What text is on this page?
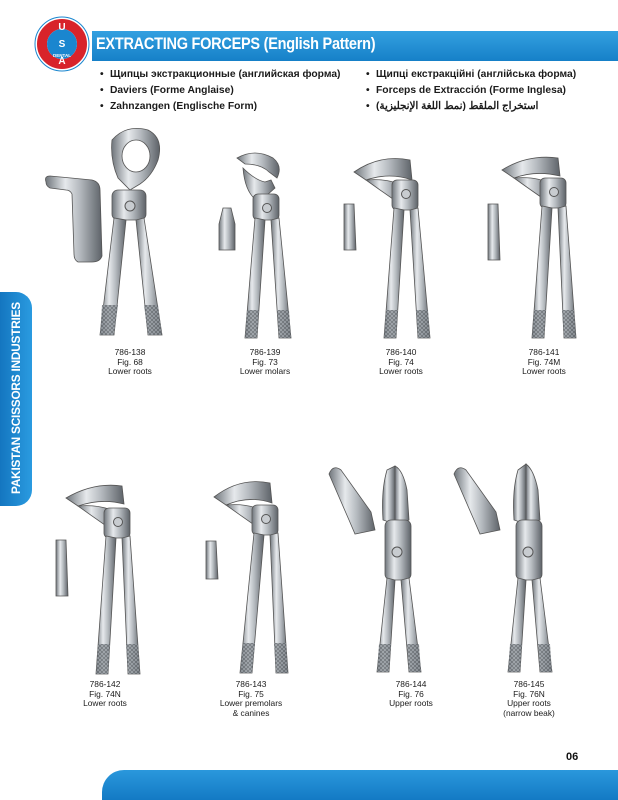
EXTRACTING FORCEPS (English Pattern)
U
S
A
DENTAL
• Щипцы экстракционные (английская форма)
• Daviers (Forme Anglaise)
• Zahnzangen (Englische Form)
• Щипці екстракційні (англійська форма)
• Forceps de Extracción (Forme Inglesa)
• استخراج الملقط (نمط اللغة الإنجليزية)
PAKISTAN SCISSORS INDUSTRIES	786-138
Fig. 68
Lower roots
786-139
Fig. 73
Lower molars
786-140
Fig. 74
Lower roots
786-141
Fig. 74M
Lower roots
786-142
Fig. 74N
Lower roots
786-143
Fig. 75
Lower premolars
& canines
786-144
Fig. 76
Upper roots
786-145
Fig. 76N
Upper roots
(narrow beak)
06
